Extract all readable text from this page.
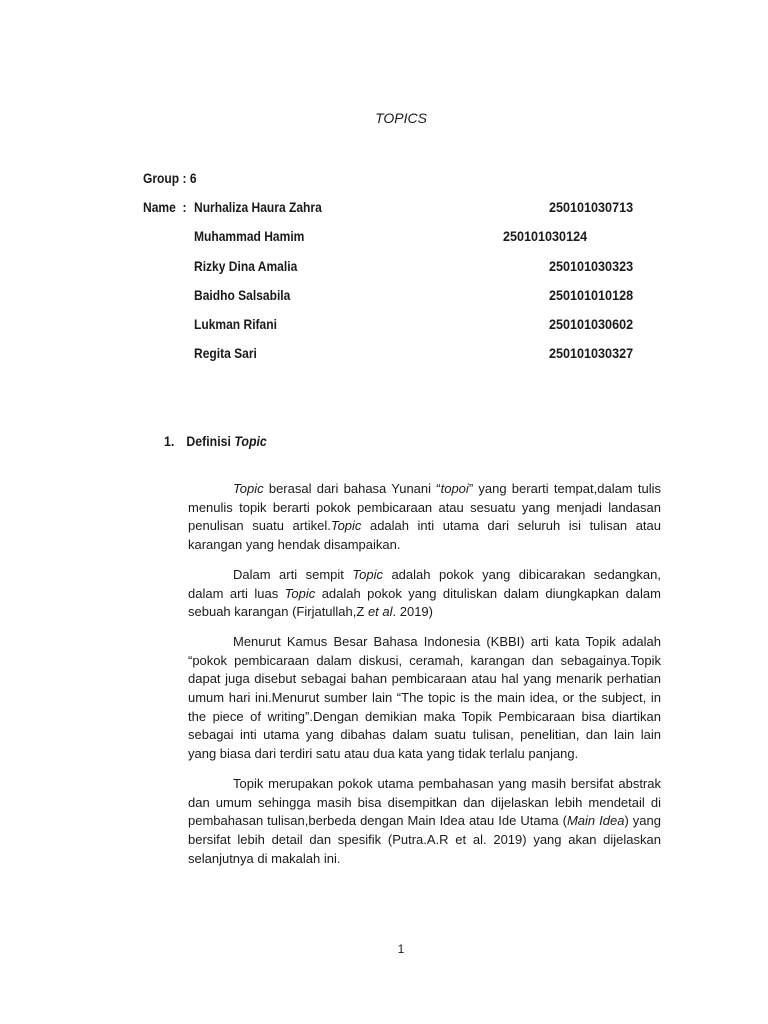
TOPICS
Group : 6
Name  : Nurhaliza Haura Zahra	250101030713
Muhammad Hamim	250101030124
Rizky Dina Amalia	250101030323
Baidho Salsabila	250101010128
Lukman Rifani	250101030602
Regita Sari	250101030327
1. Definisi Topic

Topic berasal dari bahasa Yunani “topoi” yang berarti tempat,dalam tulis menulis topik berarti pokok pembicaraan atau sesuatu yang menjadi landasan penulisan suatu artikel.Topic adalah inti utama dari seluruh isi tulisan atau karangan yang hendak disampaikan.

Dalam arti sempit Topic adalah pokok yang dibicarakan sedangkan, dalam arti luas Topic adalah pokok yang dituliskan dalam diungkapkan dalam sebuah karangan (Firjatullah,Z et al. 2019)

Menurut Kamus Besar Bahasa Indonesia (KBBI) arti kata Topik adalah “pokok pembicaraan dalam diskusi, ceramah, karangan dan sebagainya.Topik dapat juga disebut sebagai bahan pembicaraan atau hal yang menarik perhatian umum hari ini.Menurut sumber lain “The topic is the main idea, or the subject, in the piece of writing”.Dengan demikian maka Topik Pembicaraan bisa diartikan sebagai inti utama yang dibahas dalam suatu tulisan, penelitian, dan lain lain yang biasa dari terdiri satu atau dua kata yang tidak terlalu panjang.

Topik merupakan pokok utama pembahasan yang masih bersifat abstrak dan umum sehingga masih bisa disempitkan dan dijelaskan lebih mendetail di pembahasan tulisan,berbeda dengan Main Idea atau Ide Utama (Main Idea) yang bersifat lebih detail dan spesifik (Putra.A.R et al. 2019) yang akan dijelaskan selanjutnya di makalah ini.

1
